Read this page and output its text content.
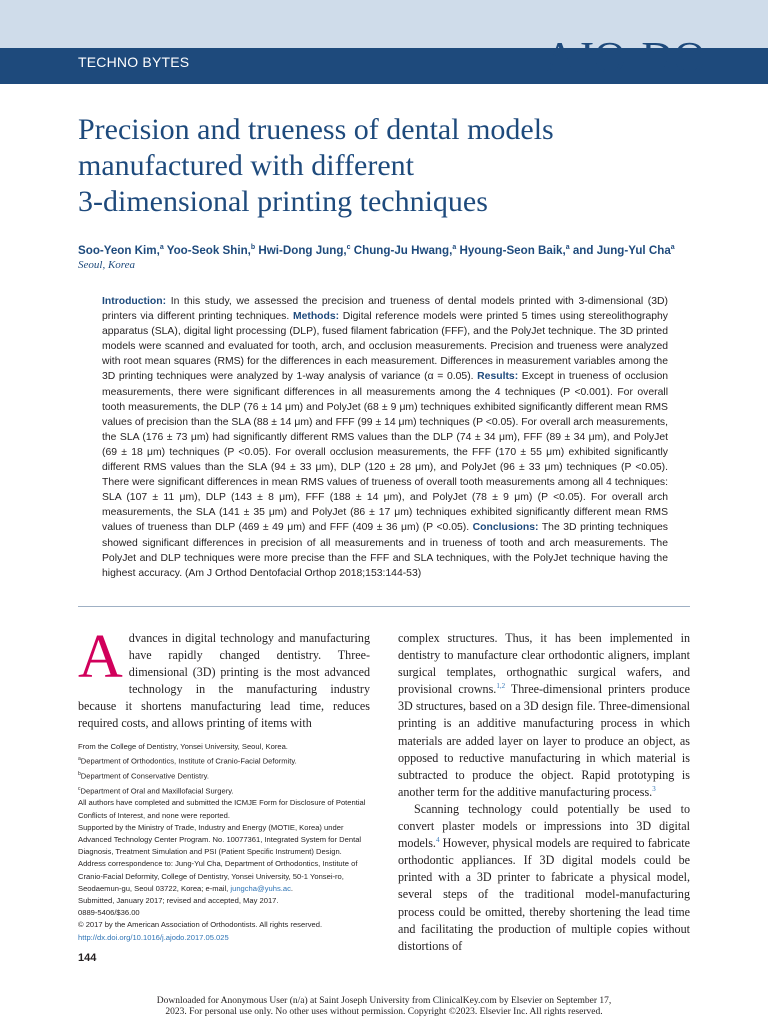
TECHNO BYTES	AJO-DO
Precision and trueness of dental models
manufactured with different
3-dimensional printing techniques
Soo-Yeon Kim,$^a$ Yoo-Seok Shin,$^b$ Hwi-Dong Jung,$^c$ Chung-Ju Hwang,$^a$ Hyoung-Seon Baik,$^a$ and Jung-Yul Cha$^a$
Seoul, Korea

Introduction: In this study, we assessed the precision and trueness of dental models printed with 3-dimensional (3D) printers via different printing techniques. Methods: Digital reference models were printed 5 times using stereolithography apparatus (SLA), digital light processing (DLP), fused filament fabrication (FFF), and the PolyJet technique. The 3D printed models were scanned and evaluated for tooth, arch, and occlusion measurements. Precision and trueness were analyzed with root mean squares (RMS) for the differences in each measurement. Differences in measurement variables among the 3D printing techniques were analyzed by 1-way analysis of variance (α = 0.05). Results: Except in trueness of occlusion measurements, there were significant differences in all measurements among the 4 techniques (P <0.001). For overall tooth measurements, the DLP (76 ± 14 μm) and PolyJet (68 ± 9 μm) techniques exhibited significantly different mean RMS values of precision than the SLA (88 ± 14 μm) and FFF (99 ± 14 μm) techniques (P <0.05). For overall arch measurements, the SLA (176 ± 73 μm) had significantly different RMS values than the DLP (74 ± 34 μm), FFF (89 ± 34 μm), and PolyJet (69 ± 18 μm) techniques (P <0.05). For overall occlusion measurements, the FFF (170 ± 55 μm) exhibited significantly different RMS values than the SLA (94 ± 33 μm), DLP (120 ± 28 μm), and PolyJet (96 ± 33 μm) techniques (P <0.05). There were significant differences in mean RMS values of trueness of overall tooth measurements among all 4 techniques: SLA (107 ± 11 μm), DLP (143 ± 8 μm), FFF (188 ± 14 μm), and PolyJet (78 ± 9 μm) (P <0.05). For overall arch measurements, the SLA (141 ± 35 μm) and PolyJet (86 ± 17 μm) techniques exhibited significantly different mean RMS values of trueness than DLP (469 ± 49 μm) and FFF (409 ± 36 μm) (P <0.05). Conclusions: The 3D printing techniques showed significant differences in precision of all measurements and in trueness of tooth and arch measurements. The PolyJet and DLP techniques were more precise than the FFF and SLA techniques, with the PolyJet technique having the highest accuracy. (Am J Orthod Dentofacial Orthop 2018;153:144-53)

Advances in digital technology and manufacturing have rapidly changed dentistry. Three-dimensional (3D) printing is the most advanced technology in the manufacturing industry because it shortens manufacturing lead time, reduces required costs, and allows printing of items with

From the College of Dentistry, Yonsei University, Seoul, Korea.
$^a$Department of Orthodontics, Institute of Cranio-Facial Deformity.
$^b$Department of Conservative Dentistry.
$^c$Department of Oral and Maxillofacial Surgery.
All authors have completed and submitted the ICMJE Form for Disclosure of Potential Conflicts of Interest, and none were reported.
Supported by the Ministry of Trade, Industry and Energy (MOTIE, Korea) under Advanced Technology Center Program. No. 10077361, Integrated System for Dental Diagnosis, Treatment Simulation and PSI (Patient Specific Instrument) Design.
Address correspondence to: Jung-Yul Cha, Department of Orthodontics, Institute of Cranio-Facial Deformity, College of Dentistry, Yonsei University, 50-1 Yonsei-ro, Seodaemun-gu, Seoul 03722, Korea; e-mail, jungcha@yuhs.ac.
Submitted, January 2017; revised and accepted, May 2017.
0889-5406/$36.00
© 2017 by the American Association of Orthodontists. All rights reserved.
http://dx.doi.org/10.1016/j.ajodo.2017.05.025

complex structures. Thus, it has been implemented in dentistry to manufacture clear orthodontic aligners, implant surgical templates, orthognathic surgical wafers, and provisional crowns.$^{1,2}$ Three-dimensional printers produce 3D structures, based on a 3D design file. Three-dimensional printing is an additive manufacturing process in which materials are added layer on layer to produce an object, as opposed to reductive manufacturing in which material is subtracted to produce the object. Rapid prototyping is another term for the additive manufacturing process.$^3$

Scanning technology could potentially be used to convert plaster models or impressions into 3D digital models.$^4$ However, physical models are required to fabricate orthodontic appliances. If 3D digital models could be printed with a 3D printer to fabricate a physical model, several steps of the traditional model-manufacturing process could be omitted, thereby shortening the lead time and facilitating the production of multiple copies without distortions of

144
Downloaded for Anonymous User (n/a) at Saint Joseph University from ClinicalKey.com by Elsevier on September 17,
2023. For personal use only. No other uses without permission. Copyright ©2023. Elsevier Inc. All rights reserved.
